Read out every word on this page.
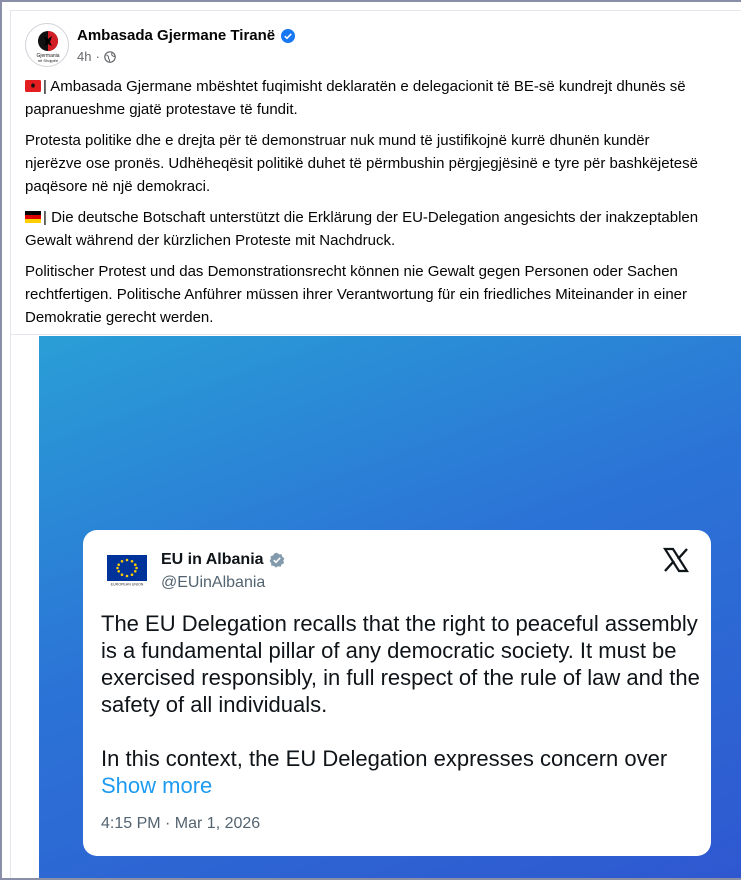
Gjermania
në Shqipëri
Ambasada Gjermane Tiranë
4h ·

| Ambasada Gjermane mbështet fuqimisht deklaratën e delegacionit të BE-së kundrejt dhunës së
papranueshme gjatë protestave të fundit.

Protesta politike dhe e drejta për të demonstruar nuk mund të justifikojnë kurrë dhunën kundër
njerëzve ose pronës. Udhëheqësit politikë duhet të përmbushin përgjegjësinë e tyre për bashkëjetesë
paqësore në një demokraci.

| Die deutsche Botschaft unterstützt die Erklärung der EU-Delegation angesichts der inakzeptablen
Gewalt während der kürzlichen Proteste mit Nachdruck.

Politischer Protest und das Demonstrationsrecht können nie Gewalt gegen Personen oder Sachen
rechtfertigen. Politische Anführer müssen ihrer Verantwortung für ein friedliches Miteinander in einer
Demokratie gerecht werden.

EUROPEAN UNION
EU in Albania
@EUinAlbania
The EU Delegation recalls that the right to peaceful assembly is a fundamental pillar of any democratic society. It must be exercised responsibly, in full respect of the rule of law and the safety of all individuals.
In this context, the EU Delegation expresses concern over Show more
4:15 PM · Mar 1, 2026
